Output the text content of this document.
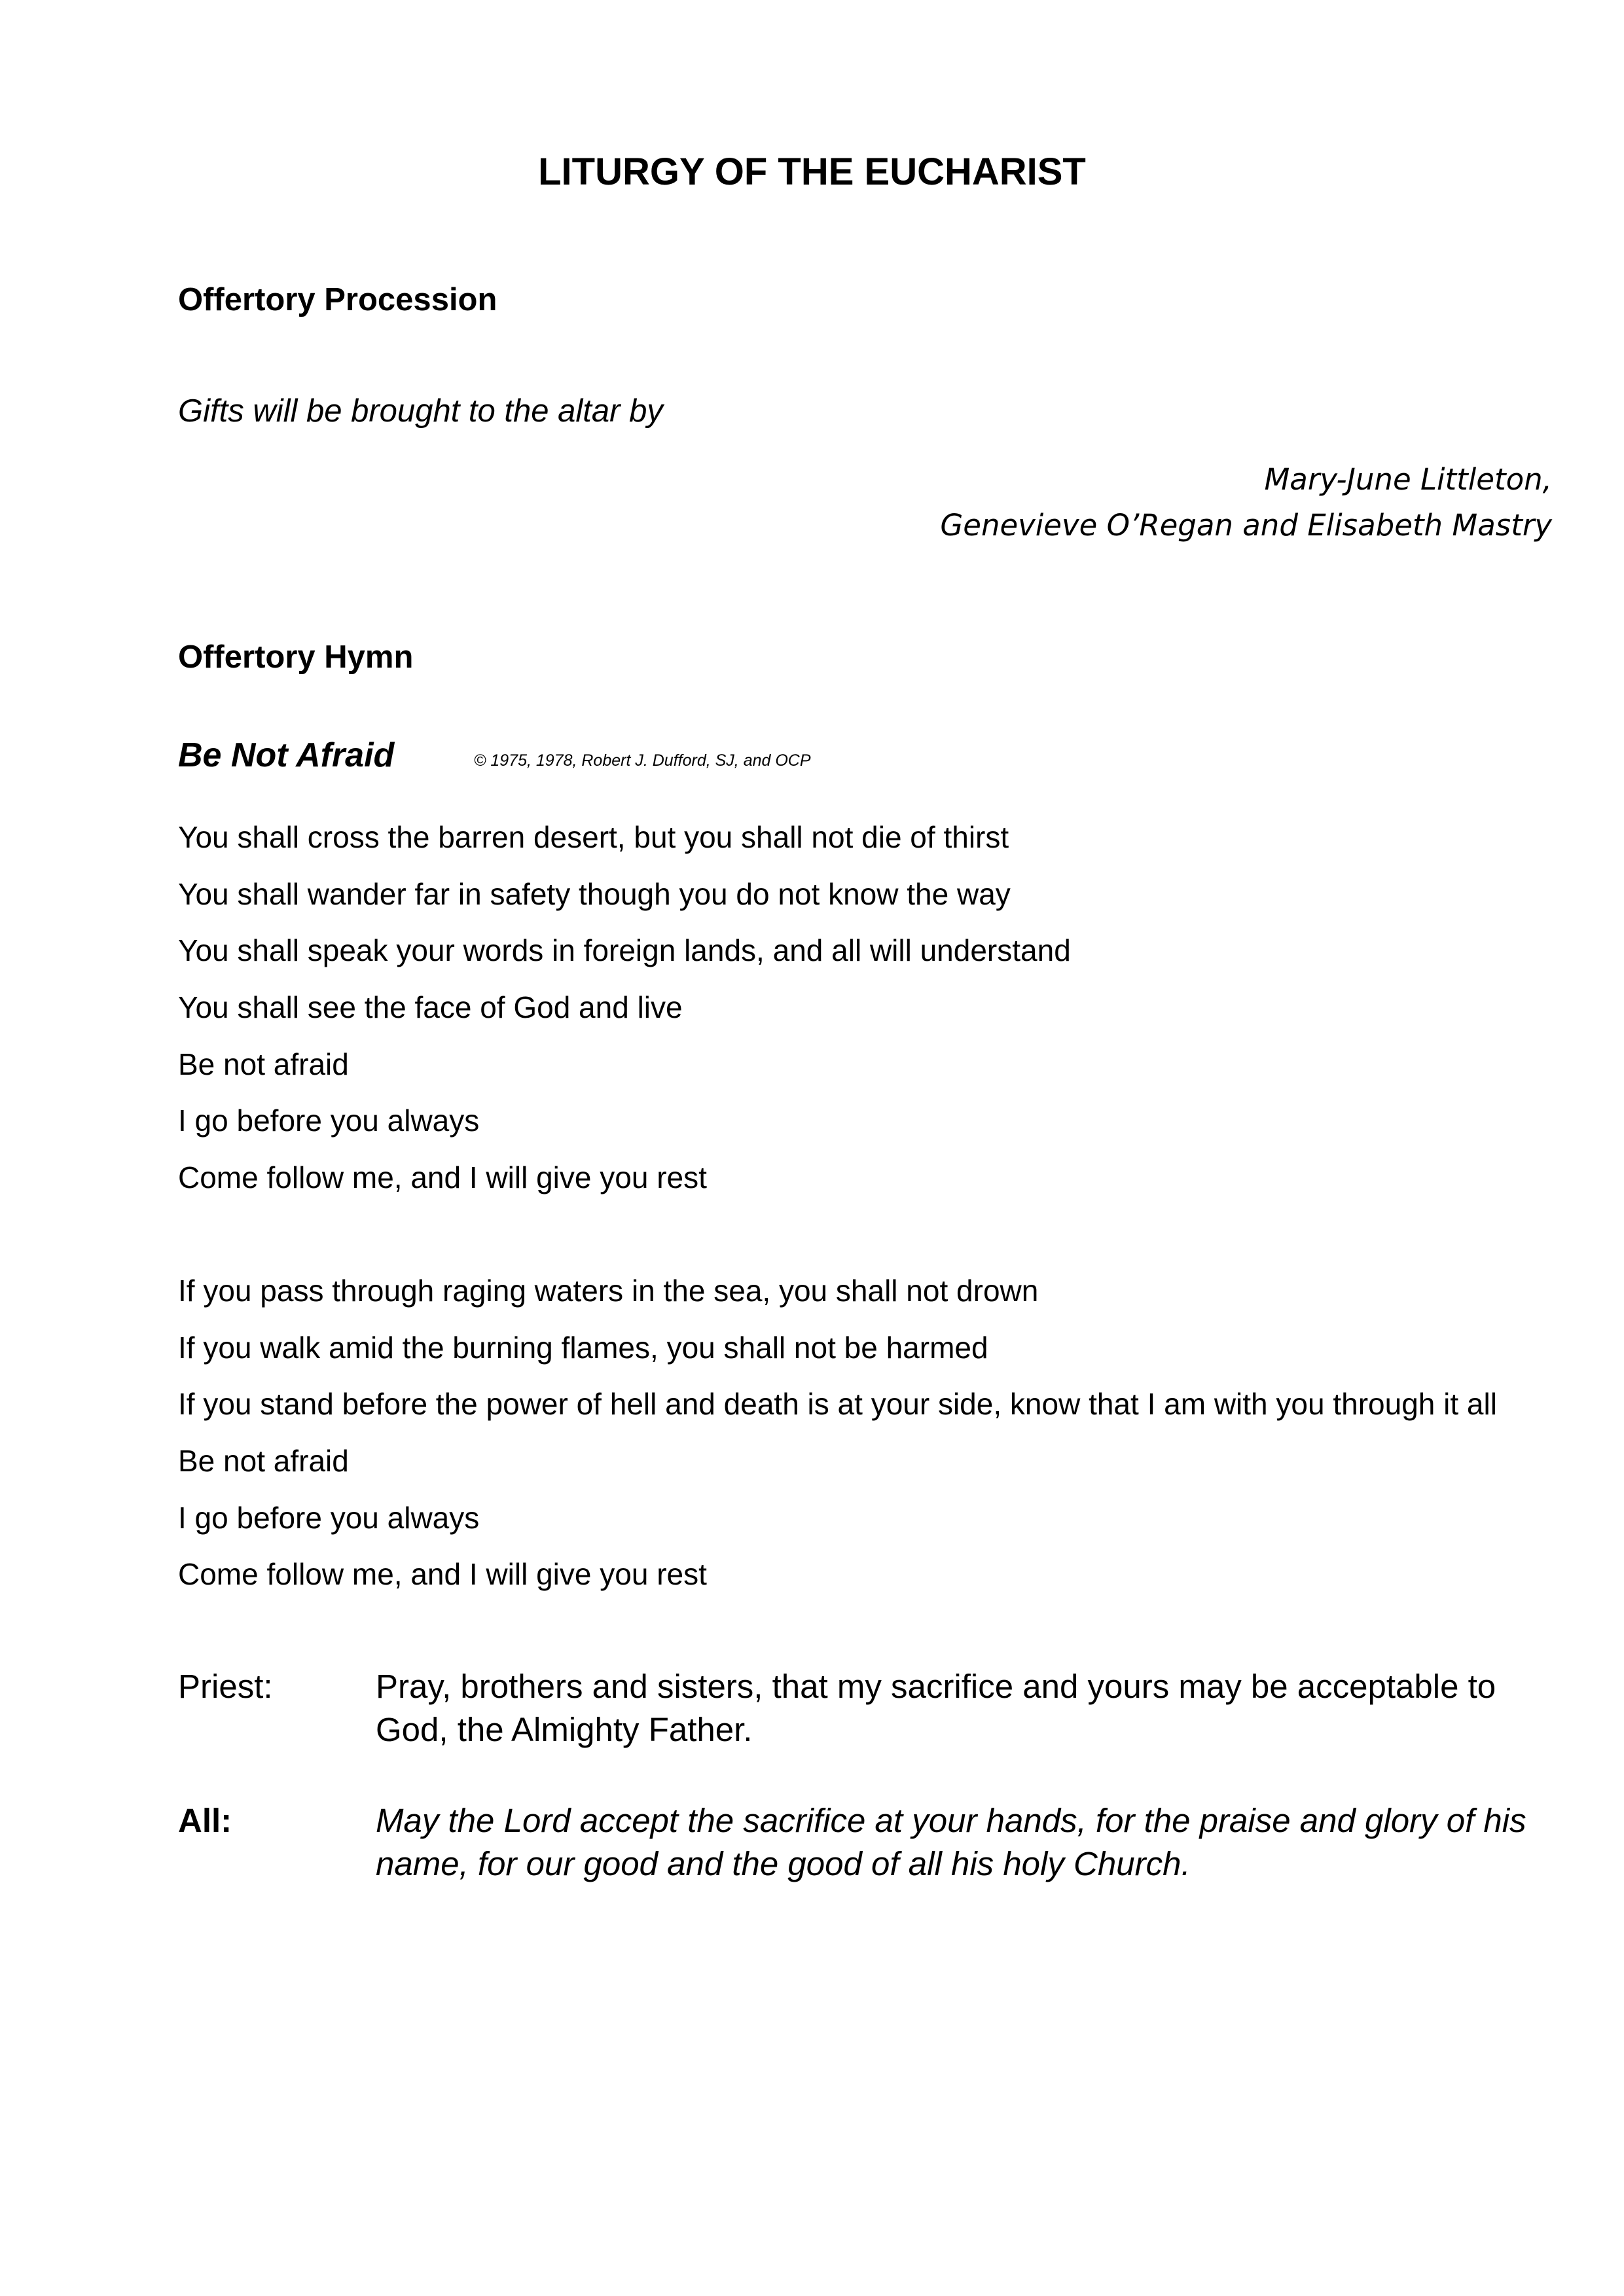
LITURGY OF THE EUCHARIST
Offertory Procession
Gifts will be brought to the altar by
Mary-June Littleton,
Genevieve O’Regan and Elisabeth Mastry
Offertory Hymn
Be Not Afraid	© 1975, 1978, Robert J. Dufford, SJ, and OCP
You shall cross the barren desert, but you shall not die of thirst
You shall wander far in safety though you do not know the way
You shall speak your words in foreign lands, and all will understand
You shall see the face of God and live
Be not afraid
I go before you always
Come follow me, and I will give you rest
If you pass through raging waters in the sea, you shall not drown
If you walk amid the burning flames, you shall not be harmed
If you stand before the power of hell and death is at your side, know that I am with you through it all
Be not afraid
I go before you always
Come follow me, and I will give you rest
Priest:	Pray, brothers and sisters, that my sacrifice and yours may be acceptable to God, the Almighty Father.
All:	May the Lord accept the sacrifice at your hands, for the praise and glory of his name, for our good and the good of all his holy Church.
